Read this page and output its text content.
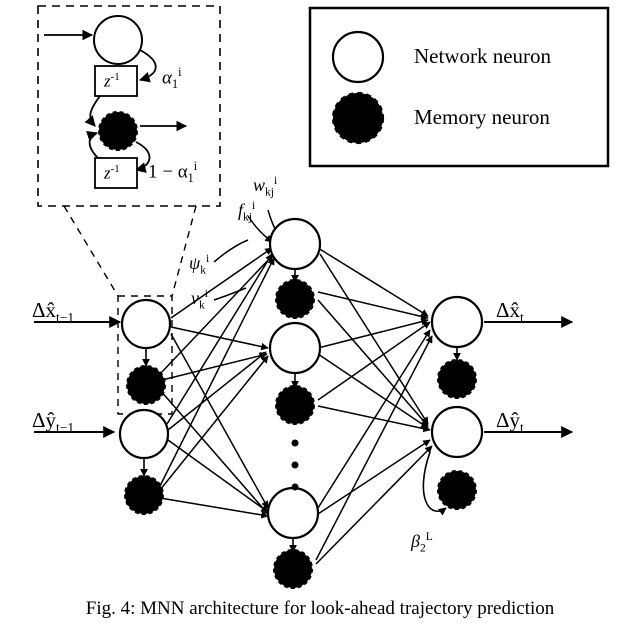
$z^{-1}$
$z^{-1}$
$\alpha_1^i$
$1 - \alpha_1^i$
Network neuron
Memory neuron
$\Delta x̂_{t-1}$
$\Delta ŷ_{t-1}$
$\Delta x̂_t$
$\Delta ŷ_t$
$w_{kj}^i$
$f_{kj}^i$
$\psi_k^i$
$v_k^i$
$\beta_2^L$
Fig. 4: MNN architecture for look-ahead trajectory prediction
